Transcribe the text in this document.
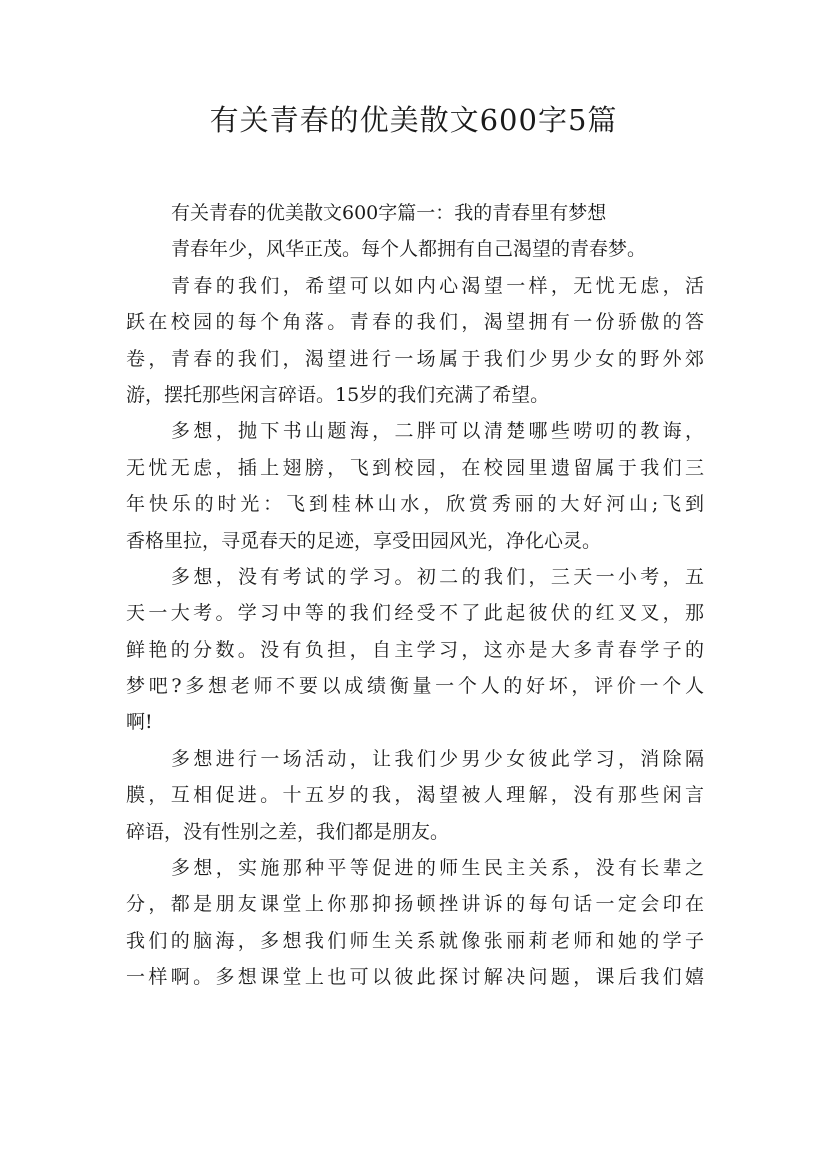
有关青春的优美散文600字5篇
有关青春的优美散文600字篇一：我的青春里有梦想
青春年少，风华正茂。每个人都拥有自己渴望的青春梦。
青春的我们，希望可以如内心渴望一样，无忧无虑，活
跃在校园的每个角落。青春的我们，渴望拥有一份骄傲的答
卷，青春的我们，渴望进行一场属于我们少男少女的野外郊
游，摆托那些闲言碎语。15岁的我们充满了希望。
多想，抛下书山题海，二胖可以清楚哪些唠叨的教诲，
无忧无虑，插上翅膀，飞到校园，在校园里遗留属于我们三
年快乐的时光：飞到桂林山水，欣赏秀丽的大好河山;飞到
香格里拉，寻觅春天的足迹，享受田园风光，净化心灵。
多想，没有考试的学习。初二的我们，三天一小考，五
天一大考。学习中等的我们经受不了此起彼伏的红叉叉，那
鲜艳的分数。没有负担，自主学习，这亦是大多青春学子的
梦吧?多想老师不要以成绩衡量一个人的好坏，评价一个人
啊!
多想进行一场活动，让我们少男少女彼此学习，消除隔
膜，互相促进。十五岁的我，渴望被人理解，没有那些闲言
碎语，没有性别之差，我们都是朋友。
多想，实施那种平等促进的师生民主关系，没有长辈之
分，都是朋友课堂上你那抑扬顿挫讲诉的每句话一定会印在
我们的脑海，多想我们师生关系就像张丽莉老师和她的学子
一样啊。多想课堂上也可以彼此探讨解决问题，课后我们嬉
